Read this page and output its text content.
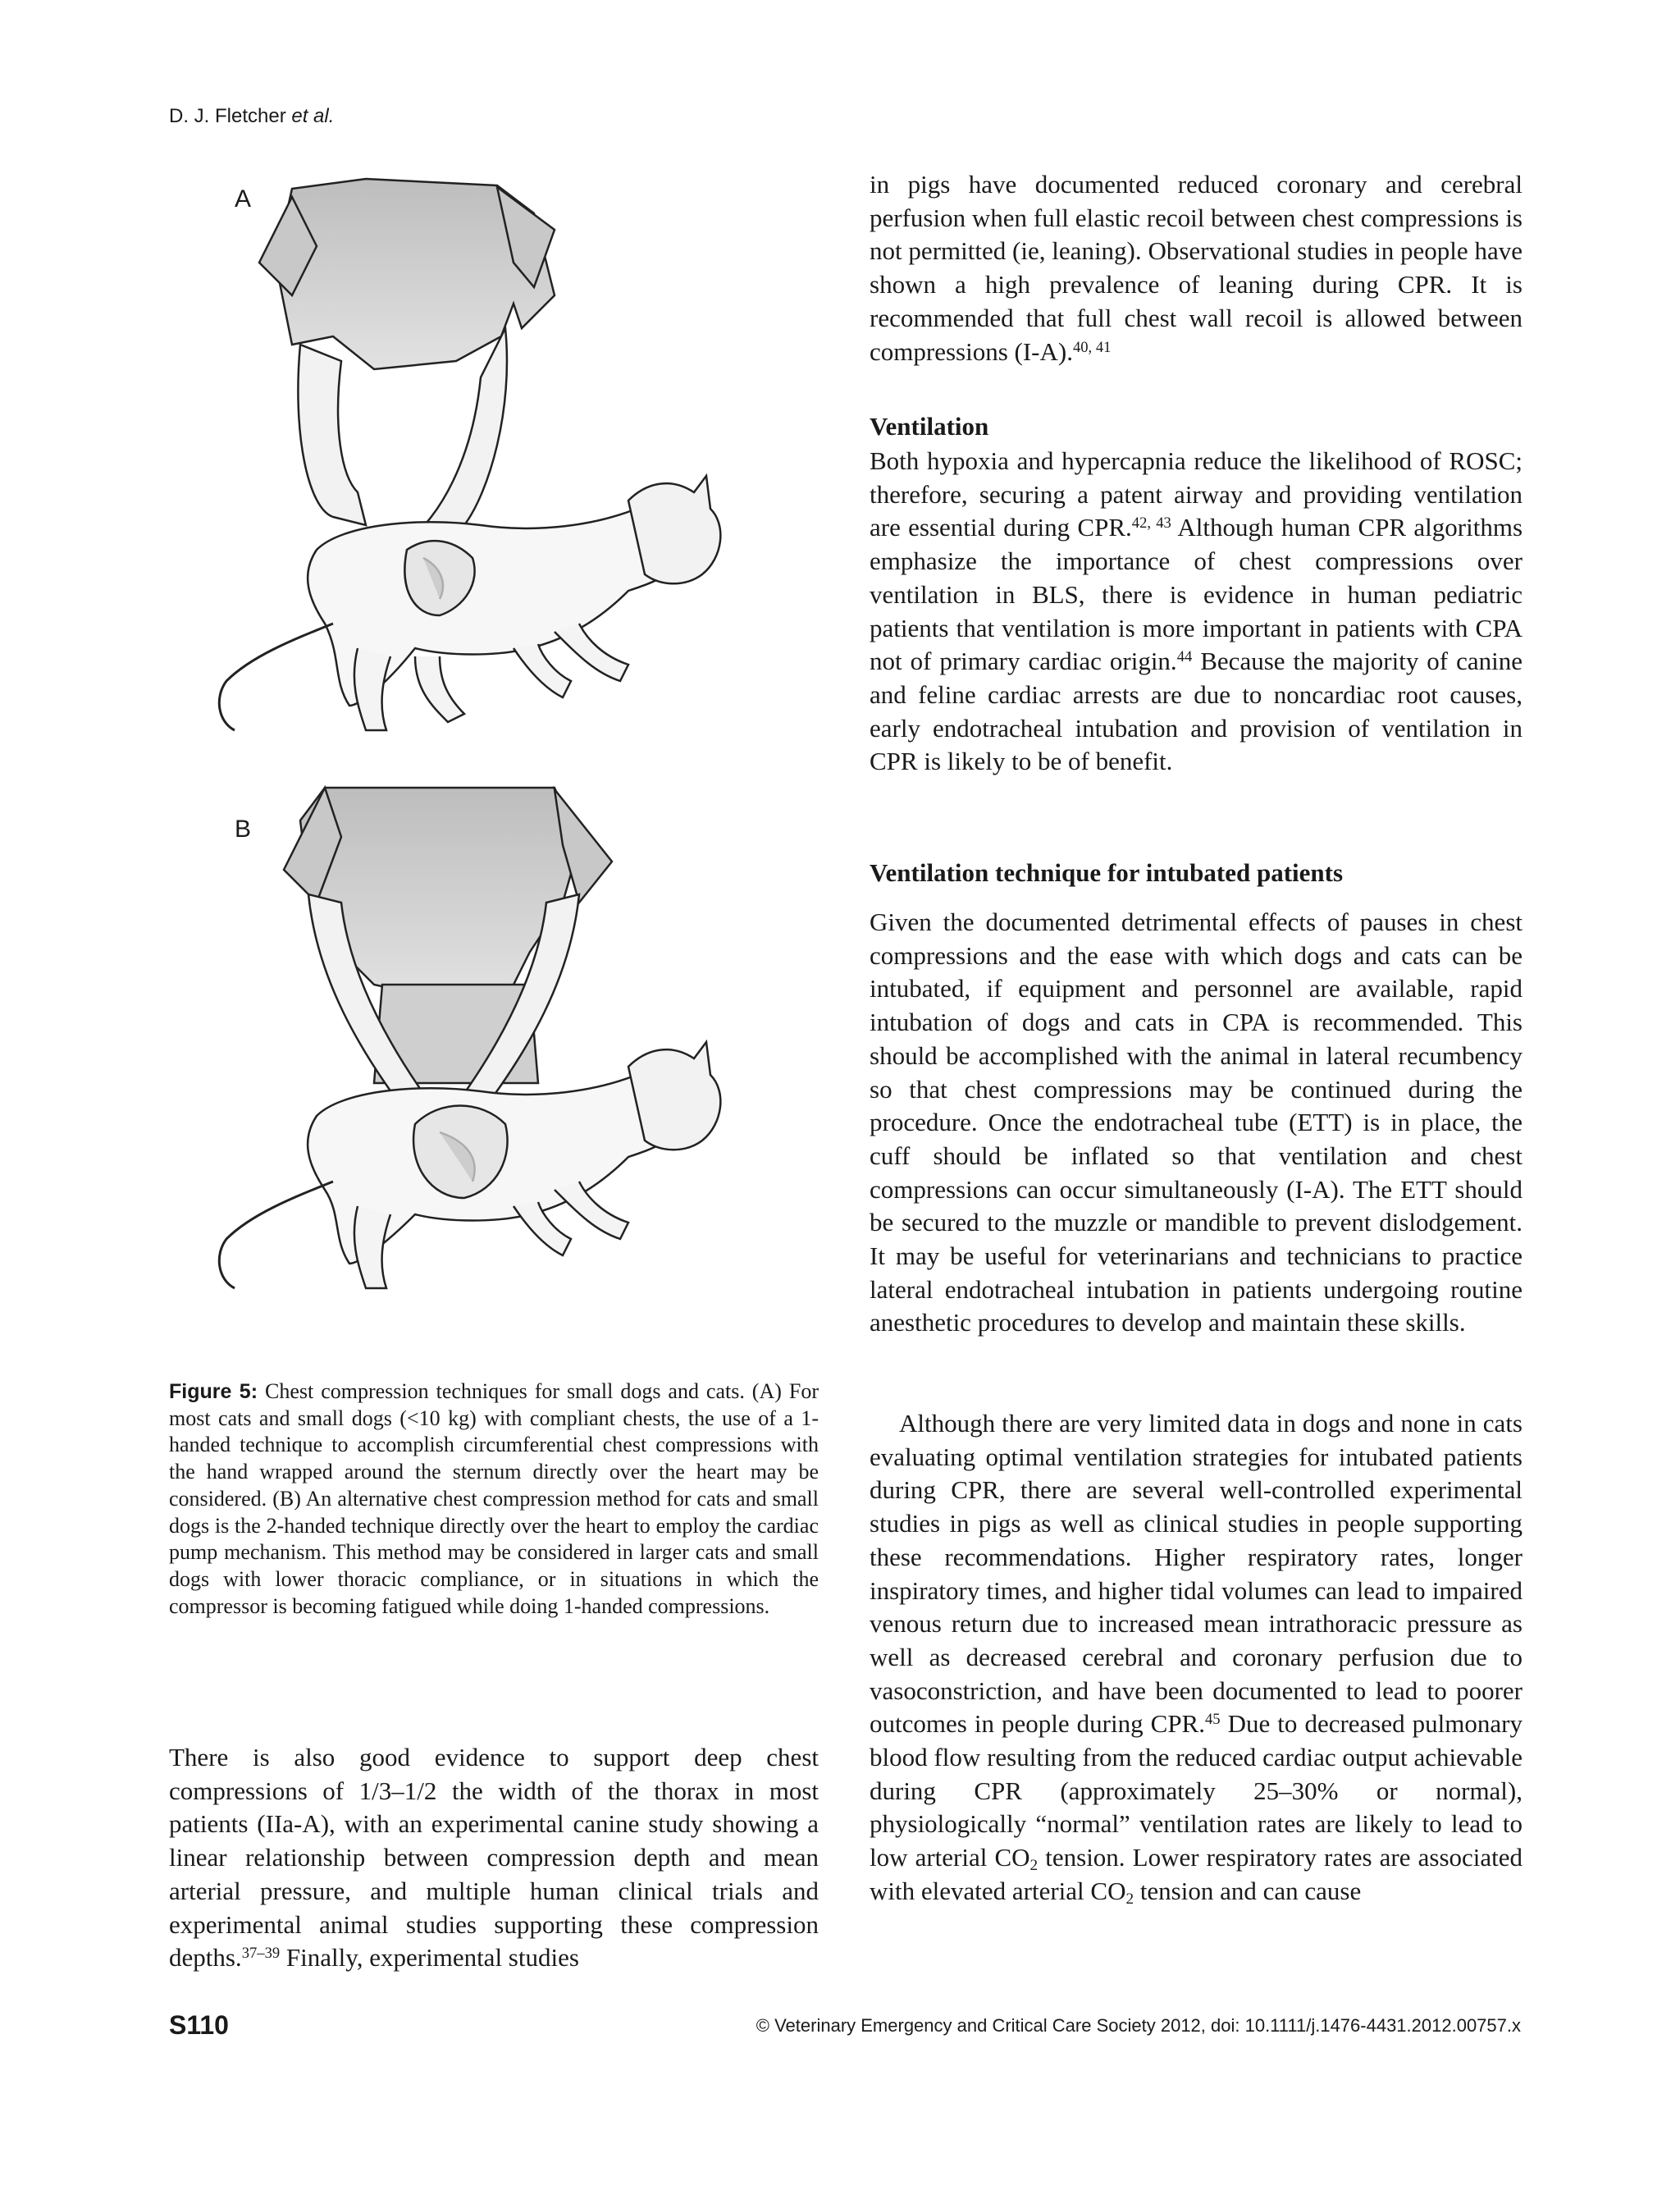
D. J. Fletcher et al.
A
B

Figure 5: Chest compression techniques for small dogs and cats. (A) For most cats and small dogs (<10 kg) with compliant chests, the use of a 1-handed technique to accomplish circumferential chest compressions with the hand wrapped around the sternum directly over the heart may be considered. (B) An alternative chest compression method for cats and small dogs is the 2-handed technique directly over the heart to employ the cardiac pump mechanism. This method may be considered in larger cats and small dogs with lower thoracic compliance, or in situations in which the compressor is becoming fatigued while doing 1-handed compressions.

There is also good evidence to support deep chest compressions of 1/3–1/2 the width of the thorax in most patients (IIa-A), with an experimental canine study showing a linear relationship between compression depth and mean arterial pressure, and multiple human clinical trials and experimental animal studies supporting these compression depths.$^{37-39}$ Finally, experimental studies

in pigs have documented reduced coronary and cerebral perfusion when full elastic recoil between chest compressions is not permitted (ie, leaning). Observational studies in people have shown a high prevalence of leaning during CPR. It is recommended that full chest wall recoil is allowed between compressions (I-A).$^{40, 41}$

Ventilation

Both hypoxia and hypercapnia reduce the likelihood of ROSC; therefore, securing a patent airway and providing ventilation are essential during CPR.$^{42, 43}$ Although human CPR algorithms emphasize the importance of chest compressions over ventilation in BLS, there is evidence in human pediatric patients that ventilation is more important in patients with CPA not of primary cardiac origin.$^{44}$ Because the majority of canine and feline cardiac arrests are due to noncardiac root causes, early endotracheal intubation and provision of ventilation in CPR is likely to be of benefit.

Ventilation technique for intubated patients

Given the documented detrimental effects of pauses in chest compressions and the ease with which dogs and cats can be intubated, if equipment and personnel are available, rapid intubation of dogs and cats in CPA is recommended. This should be accomplished with the animal in lateral recumbency so that chest compressions may be continued during the procedure. Once the endotracheal tube (ETT) is in place, the cuff should be inflated so that ventilation and chest compressions can occur simultaneously (I-A). The ETT should be secured to the muzzle or mandible to prevent dislodgement. It may be useful for veterinarians and technicians to practice lateral endotracheal intubation in patients undergoing routine anesthetic procedures to develop and maintain these skills.

Although there are very limited data in dogs and none in cats evaluating optimal ventilation strategies for intubated patients during CPR, there are several well-controlled experimental studies in pigs as well as clinical studies in people supporting these recommendations. Higher respiratory rates, longer inspiratory times, and higher tidal volumes can lead to impaired venous return due to increased mean intrathoracic pressure as well as decreased cerebral and coronary perfusion due to vasoconstriction, and have been documented to lead to poorer outcomes in people during CPR.$^{45}$ Due to decreased pulmonary blood flow resulting from the reduced cardiac output achievable during CPR (approximately 25–30% or normal), physiologically “normal” ventilation rates are likely to lead to low arterial $CO_2$ tension. Lower respiratory rates are associated with elevated arterial $CO_2$ tension and can cause

S110	© Veterinary Emergency and Critical Care Society 2012, doi: 10.1111/j.1476-4431.2012.00757.x
